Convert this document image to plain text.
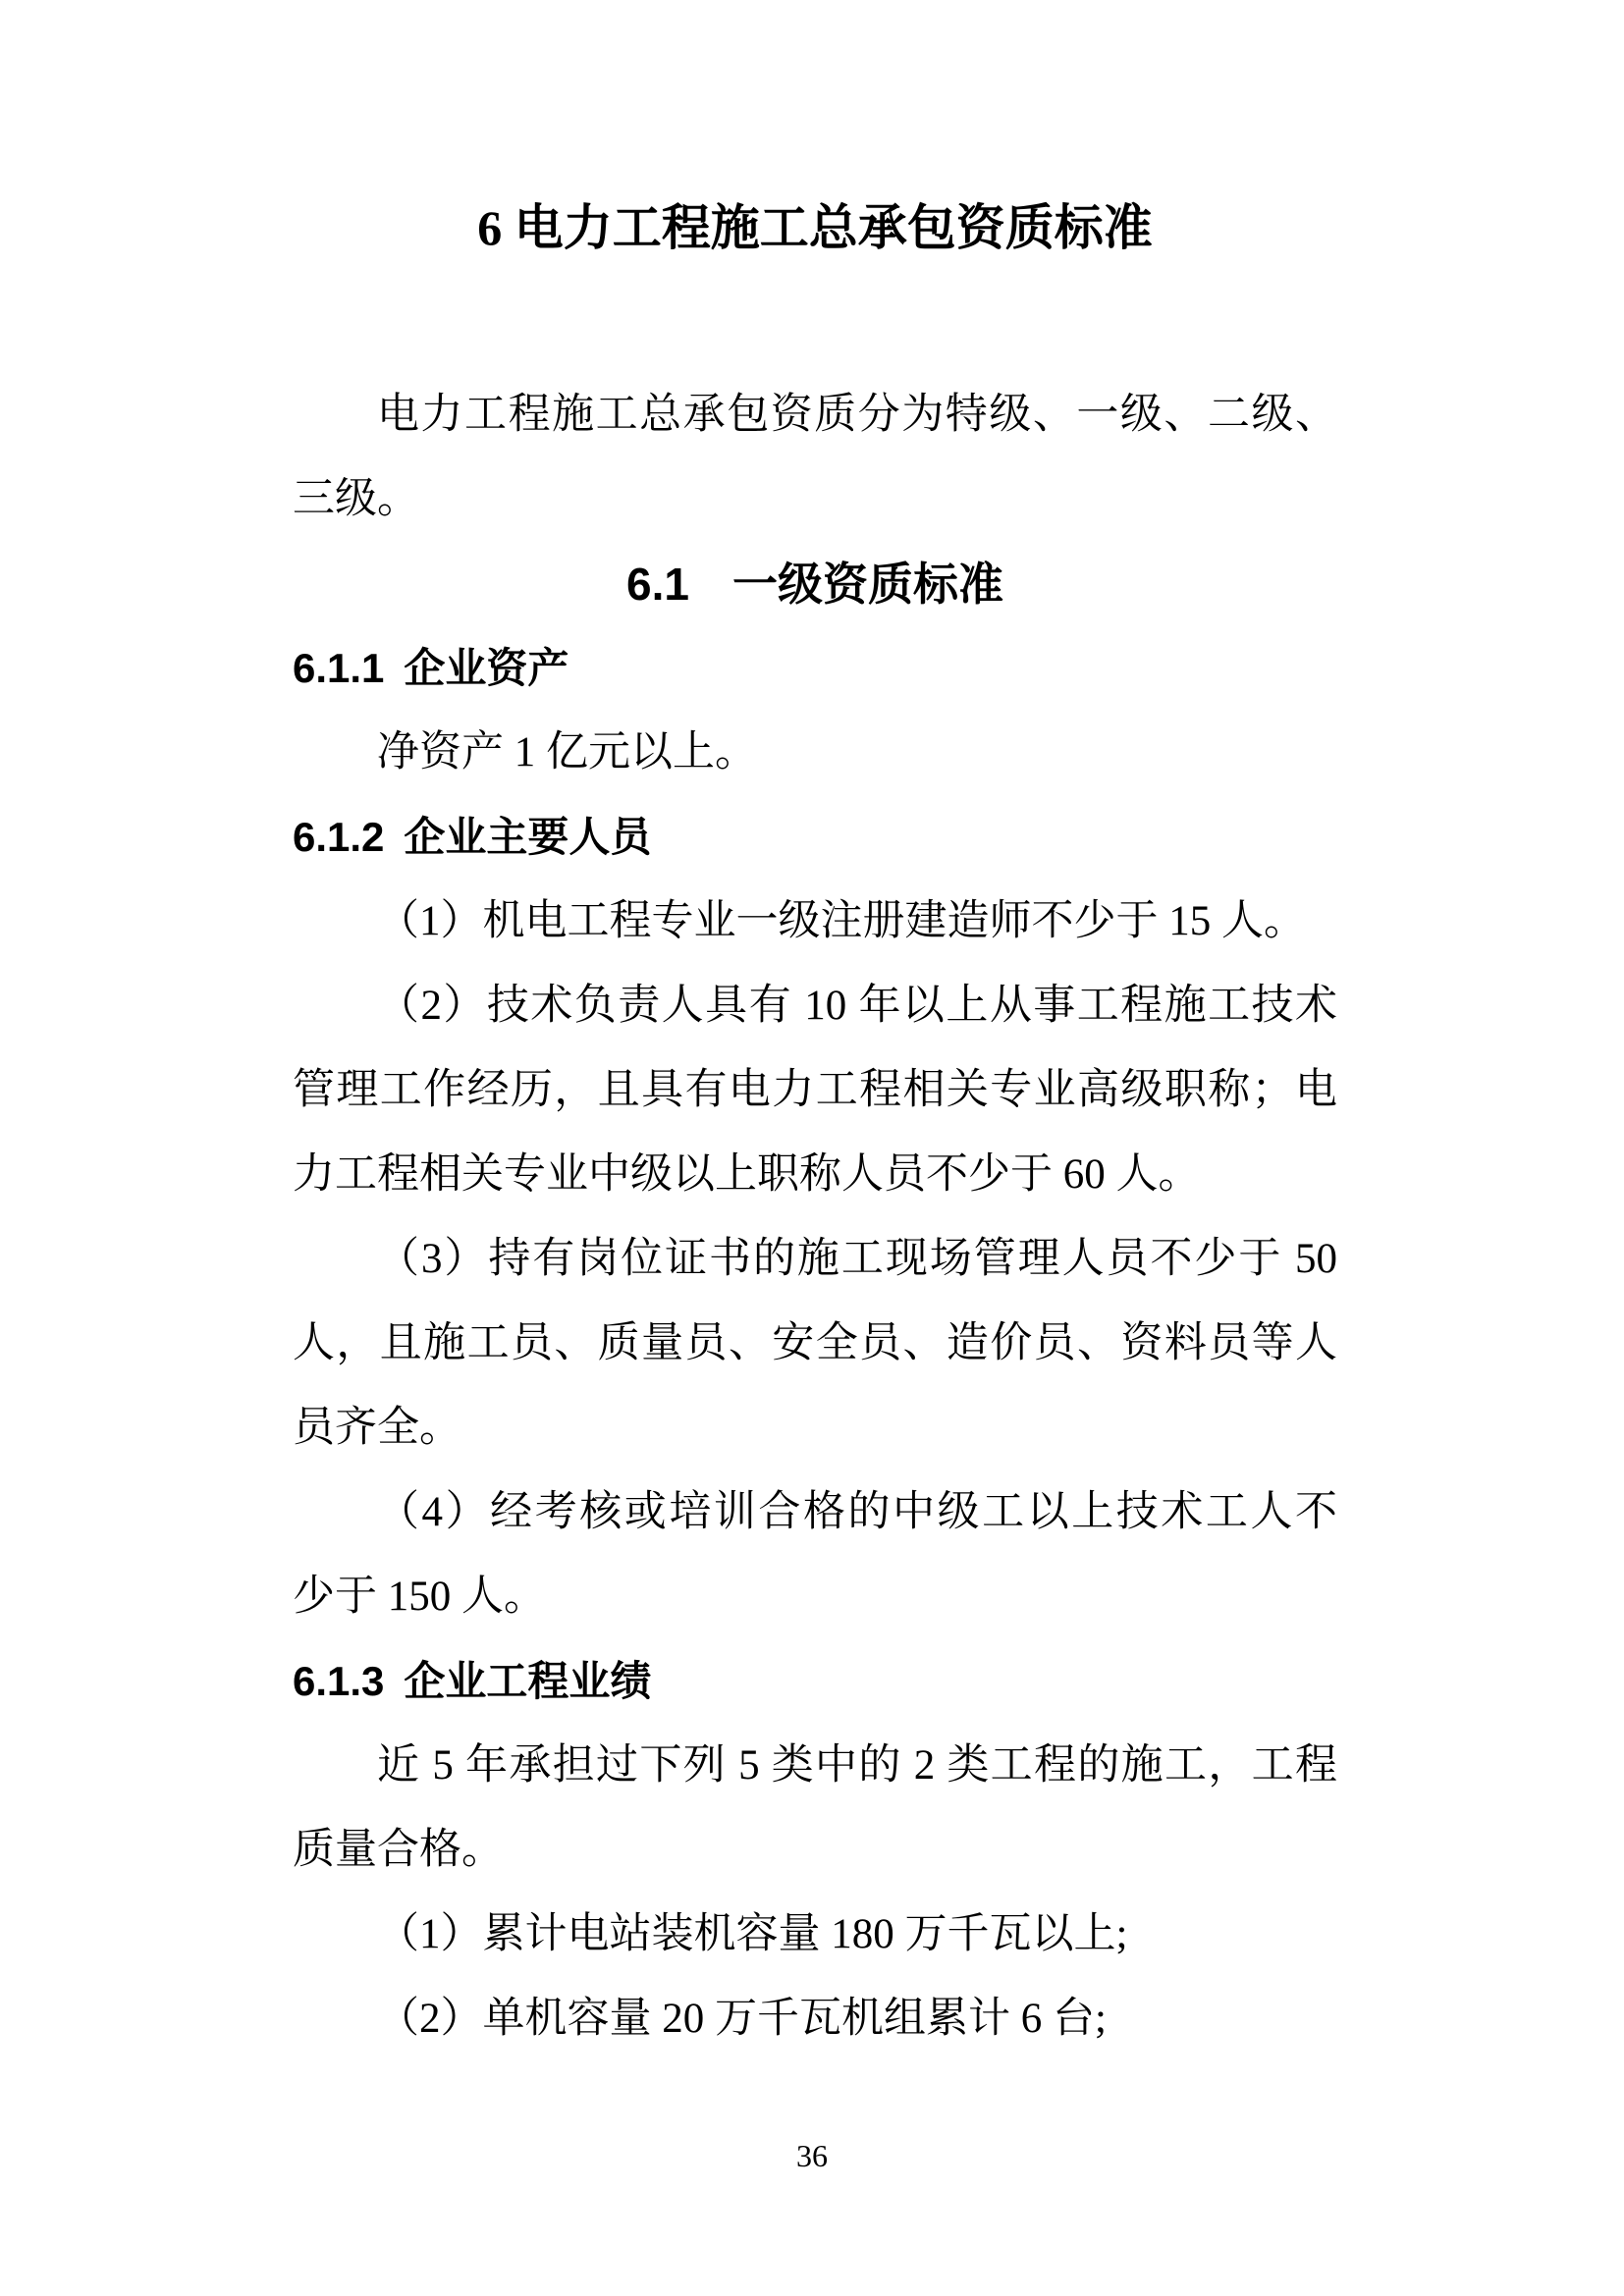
6 电力工程施工总承包资质标准
电力工程施工总承包资质分为特级、一级、二级、
三级。
6.1 一级资质标准
6.1.1 企业资产
净资产 1 亿元以上。
6.1.2 企业主要人员
（1）机电工程专业一级注册建造师不少于 15 人。
（2）技术负责人具有 10 年以上从事工程施工技术
管理工作经历，且具有电力工程相关专业高级职称；电
力工程相关专业中级以上职称人员不少于 60 人。
（3）持有岗位证书的施工现场管理人员不少于 50
人，且施工员、质量员、安全员、造价员、资料员等人
员齐全。
（4）经考核或培训合格的中级工以上技术工人不
少于 150 人。
6.1.3 企业工程业绩
近 5 年承担过下列 5 类中的 2 类工程的施工，工程
质量合格。
（1）累计电站装机容量 180 万千瓦以上;
（2）单机容量 20 万千瓦机组累计 6 台;
36
